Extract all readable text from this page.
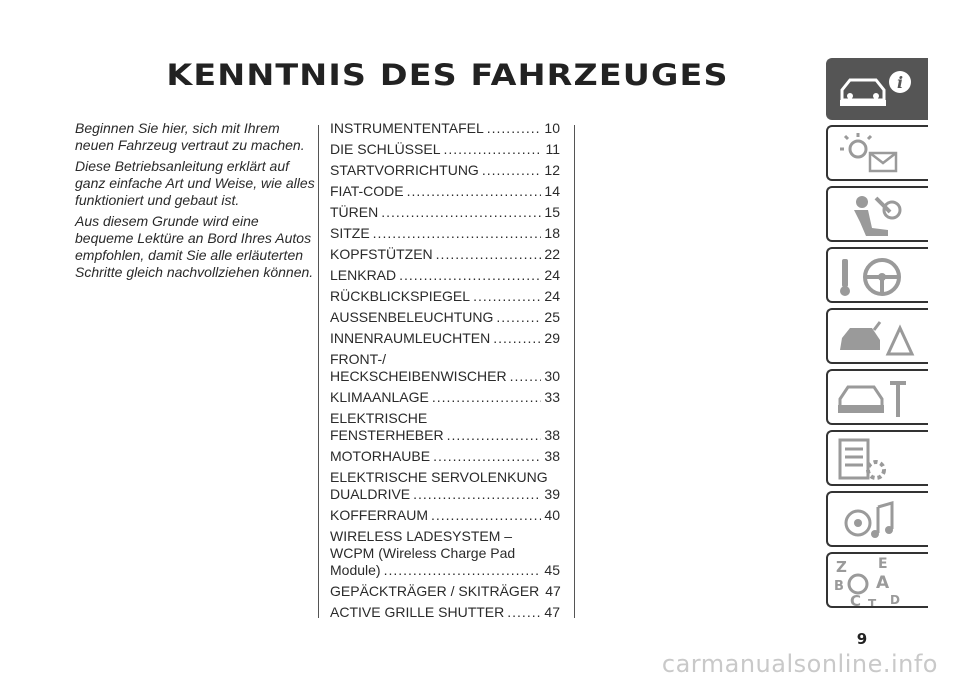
KENNTNIS DES FAHRZEUGES

Beginnen Sie hier, sich mit Ihrem neuen Fahrzeug vertraut zu machen.

Diese Betriebsanleitung erklärt auf ganz einfache Art und Weise, wie alles funktioniert und gebaut ist.

Aus diesem Grunde wird eine bequeme Lektüre an Bord Ihres Autos empfohlen, damit Sie alle erläuterten Schritte gleich nachvollziehen können.

INSTRUMENTENTAFEL .....	10
DIE SCHLÜSSEL .....	11
STARTVORRICHTUNG .....	12
FIAT-CODE .....	14
TÜREN .....	15
SITZE .....	18
KOPFSTÜTZEN .....	22
LENKRAD .....	24
RÜCKBLICKSPIEGEL .....	24
AUSSENBELEUCHTUNG .....	25
INNENRAUMLEUCHTEN .....	29
FRONT-/
HECKSCHEIBENWISCHER .....	30
KLIMAANLAGE .....	33
ELEKTRISCHE
FENSTERHEBER .....	38
MOTORHAUBE .....	38
ELEKTRISCHE SERVOLENKUNG
DUALDRIVE .....	39
KOFFERRAUM .....	40
WIRELESS LADESYSTEM –
WCPM (Wireless Charge Pad
Module) .....	45
GEPÄCKTRÄGER / SKITRÄGER 47
ACTIVE GRILLE SHUTTER .....	47
i
Z E
B A
C D
T
9
carmanualsonline.info
